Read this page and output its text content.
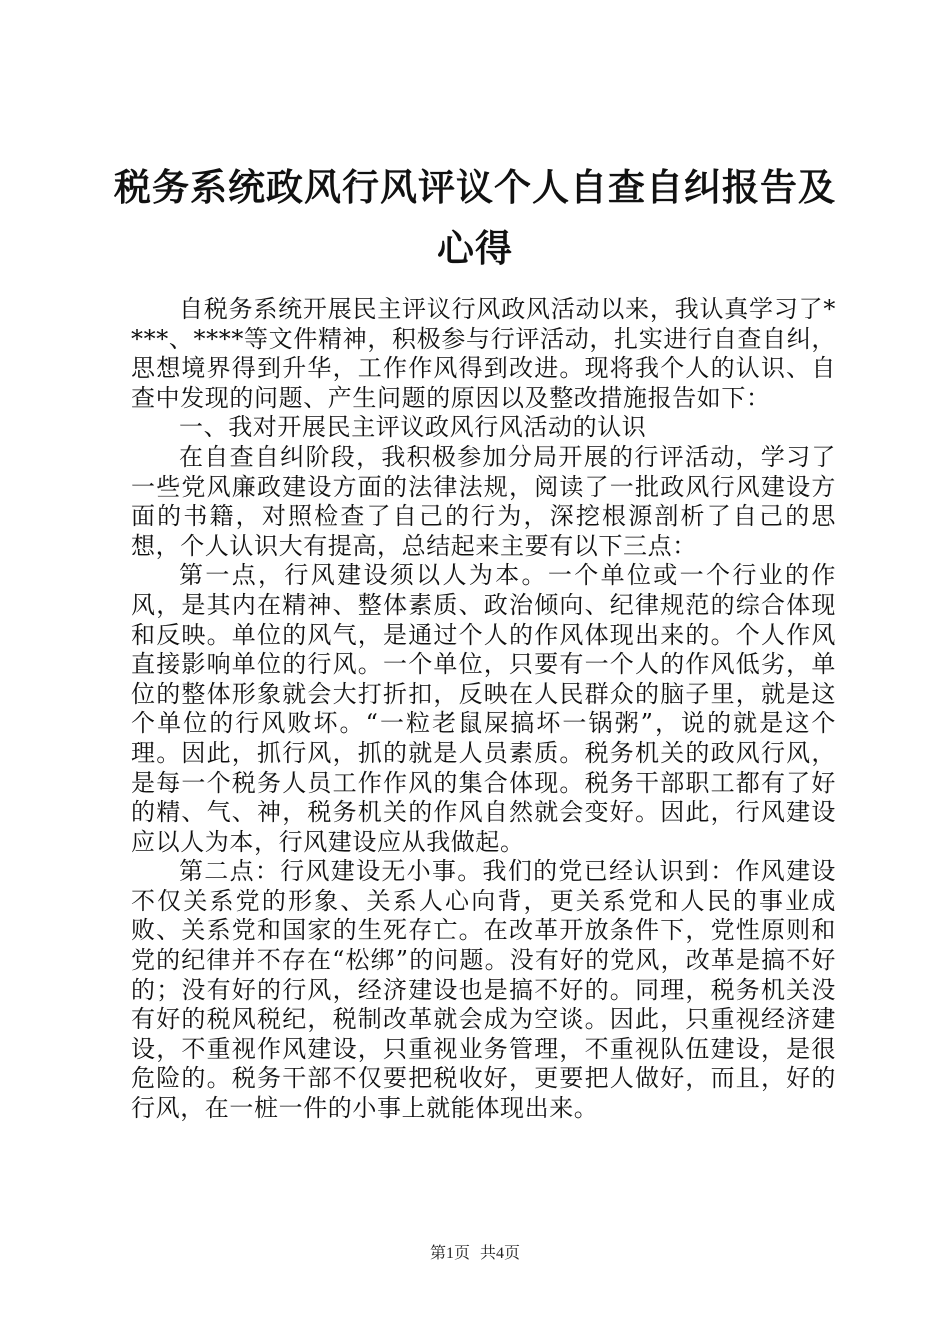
税务系统政风行风评议个人自查自纠报告及心得

自税务系统开展民主评议行风政风活动以来，我认真学习了****、****等文件精神，积极参与行评活动，扎实进行自查自纠，思想境界得到升华，工作作风得到改进。现将我个人的认识、自查中发现的问题、产生问题的原因以及整改措施报告如下：

一、我对开展民主评议政风行风活动的认识

在自查自纠阶段，我积极参加分局开展的行评活动，学习了一些党风廉政建设方面的法律法规，阅读了一批政风行风建设方面的书籍，对照检查了自己的行为，深挖根源剖析了自己的思想，个人认识大有提高，总结起来主要有以下三点：

第一点，行风建设须以人为本。一个单位或一个行业的作风，是其内在精神、整体素质、政治倾向、纪律规范的综合体现和反映。单位的风气，是通过个人的作风体现出来的。个人作风直接影响单位的行风。一个单位，只要有一个人的作风低劣，单位的整体形象就会大打折扣，反映在人民群众的脑子里，就是这个单位的行风败坏。“一粒老鼠屎搞坏一锅粥”，说的就是这个理。因此，抓行风，抓的就是人员素质。税务机关的政风行风，是每一个税务人员工作作风的集合体现。税务干部职工都有了好的精、气、神，税务机关的作风自然就会变好。因此，行风建设应以人为本，行风建设应从我做起。

第二点：行风建设无小事。我们的党已经认识到：作风建设不仅关系党的形象、关系人心向背，更关系党和人民的事业成败、关系党和国家的生死存亡。在改革开放条件下，党性原则和党的纪律并不存在“松绑”的问题。没有好的党风，改革是搞不好的；没有好的行风，经济建设也是搞不好的。同理，税务机关没有好的税风税纪，税制改革就会成为空谈。因此，只重视经济建设，不重视作风建设，只重视业务管理，不重视队伍建设，是很危险的。税务干部不仅要把税收好，更要把人做好，而且，好的行风，在一桩一件的小事上就能体现出来。

第1页 共4页
